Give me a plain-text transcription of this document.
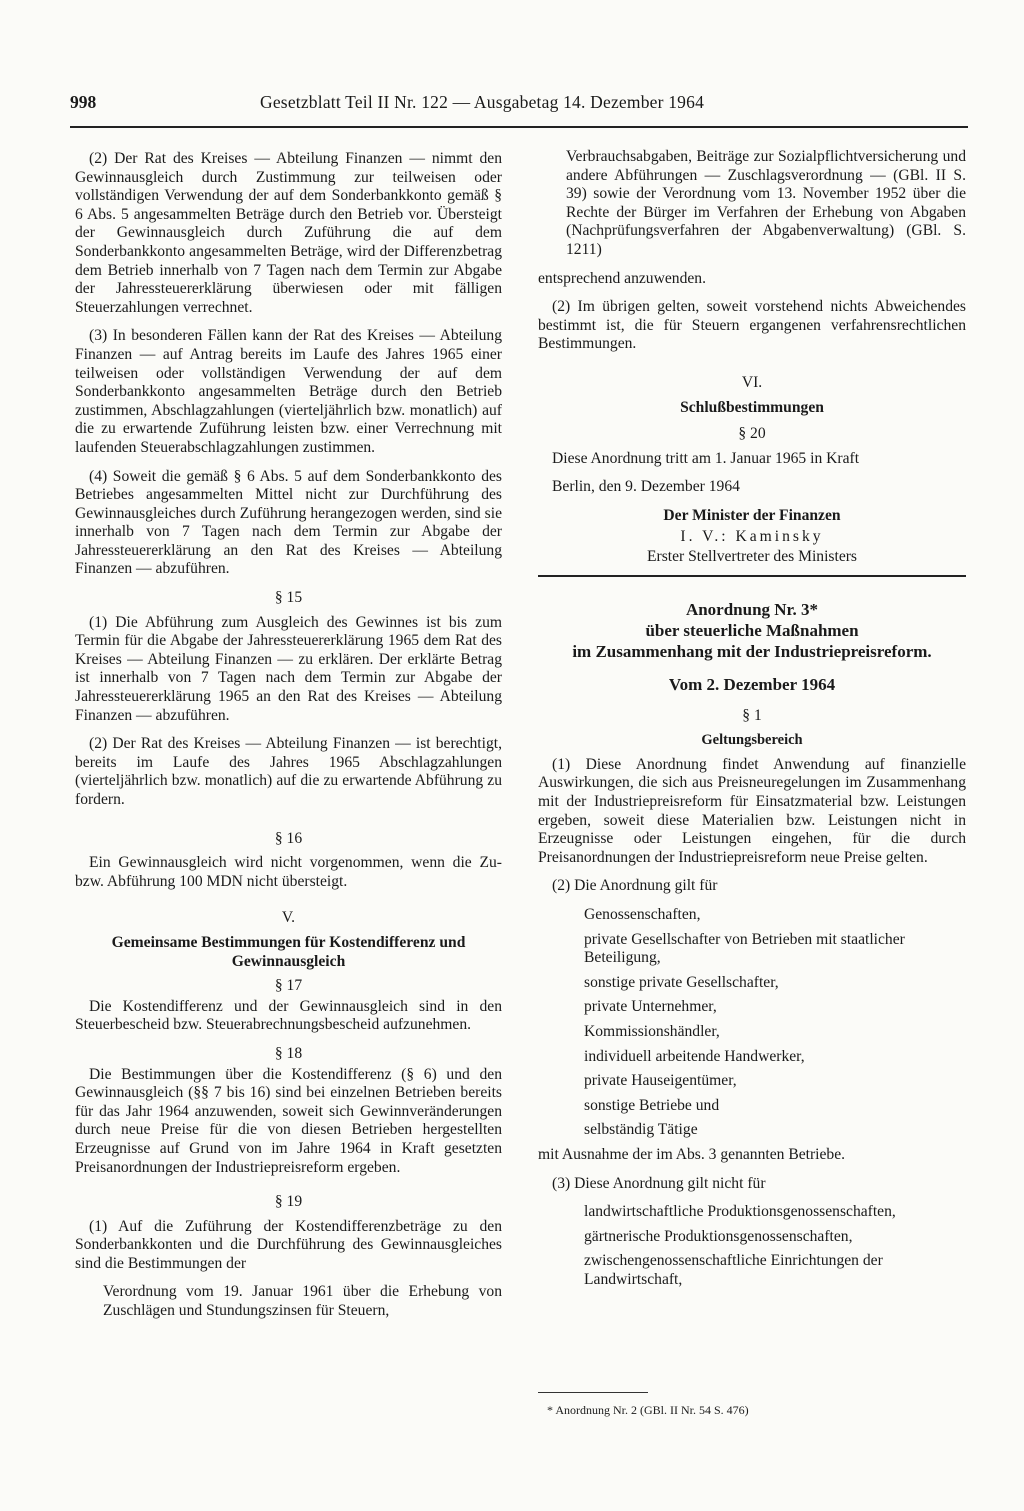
998	Gesetzblatt Teil II Nr. 122 — Ausgabetag 14. Dezember 1964

(2) Der Rat des Kreises — Abteilung Finanzen — nimmt den Gewinnausgleich durch Zustimmung zur teilweisen oder vollständigen Verwendung der auf dem Sonderbankkonto gemäß § 6 Abs. 5 angesammelten Beträge durch den Betrieb vor. Übersteigt der Gewinnausgleich durch Zuführung die auf dem Sonderbankkonto angesammelten Beträge, wird der Differenzbetrag dem Betrieb innerhalb von 7 Tagen nach dem Termin zur Abgabe der Jahressteuererklärung überwiesen oder mit fälligen Steuerzahlungen verrechnet.

(3) In besonderen Fällen kann der Rat des Kreises — Abteilung Finanzen — auf Antrag bereits im Laufe des Jahres 1965 einer teilweisen oder vollständigen Verwendung der auf dem Sonderbankkonto angesammelten Beträge durch den Betrieb zustimmen, Abschlagzahlungen (vierteljährlich bzw. monatlich) auf die zu erwartende Zuführung leisten bzw. einer Verrechnung mit laufenden Steuerabschlagzahlungen zustimmen.

(4) Soweit die gemäß § 6 Abs. 5 auf dem Sonderbankkonto des Betriebes angesammelten Mittel nicht zur Durchführung des Gewinnausgleiches durch Zuführung herangezogen werden, sind sie innerhalb von 7 Tagen nach dem Termin zur Abgabe der Jahressteuererklärung an den Rat des Kreises — Abteilung Finanzen — abzuführen.

§ 15

(1) Die Abführung zum Ausgleich des Gewinnes ist bis zum Termin für die Abgabe der Jahressteuererklärung 1965 dem Rat des Kreises — Abteilung Finanzen — zu erklären. Der erklärte Betrag ist innerhalb von 7 Tagen nach dem Termin zur Abgabe der Jahressteuererklärung 1965 an den Rat des Kreises — Abteilung Finanzen — abzuführen.

(2) Der Rat des Kreises — Abteilung Finanzen — ist berechtigt, bereits im Laufe des Jahres 1965 Abschlagzahlungen (vierteljährlich bzw. monatlich) auf die zu erwartende Abführung zu fordern.

§ 16

Ein Gewinnausgleich wird nicht vorgenommen, wenn die Zu- bzw. Abführung 100 MDN nicht übersteigt.

V.

Gemeinsame Bestimmungen für Kostendifferenz und Gewinnausgleich

§ 17

Die Kostendifferenz und der Gewinnausgleich sind in den Steuerbescheid bzw. Steuerabrechnungsbescheid aufzunehmen.

§ 18

Die Bestimmungen über die Kostendifferenz (§ 6) und den Gewinnausgleich (§§ 7 bis 16) sind bei einzelnen Betrieben bereits für das Jahr 1964 anzuwenden, soweit sich Gewinnveränderungen durch neue Preise für die von diesen Betrieben hergestellten Erzeugnisse auf Grund von im Jahre 1964 in Kraft gesetzten Preisanordnungen der Industriepreisreform ergeben.

§ 19

(1) Auf die Zuführung der Kostendifferenzbeträge zu den Sonderbankkonten und die Durchführung des Gewinnausgleiches sind die Bestimmungen der

Verordnung vom 19. Januar 1961 über die Erhebung von Zuschlägen und Stundungszinsen für Steuern,

Verbrauchsabgaben, Beiträge zur Sozialpflichtversicherung und andere Abführungen — Zuschlagsverordnung — (GBl. II S. 39) sowie der Verordnung vom 13. November 1952 über die Rechte der Bürger im Verfahren der Erhebung von Abgaben (Nachprüfungsverfahren der Abgabenverwaltung) (GBl. S. 1211)

entsprechend anzuwenden.

(2) Im übrigen gelten, soweit vorstehend nichts Abweichendes bestimmt ist, die für Steuern ergangenen verfahrensrechtlichen Bestimmungen.

VI.

Schlußbestimmungen

§ 20

Diese Anordnung tritt am 1. Januar 1965 in Kraft

Berlin, den 9. Dezember 1964

Der Minister der Finanzen

I. V.: Kaminsky

Erster Stellvertreter des Ministers

Anordnung Nr. 3*
über steuerliche Maßnahmen
im Zusammenhang mit der Industriepreisreform.
Vom 2. Dezember 1964

§ 1

Geltungsbereich

(1) Diese Anordnung findet Anwendung auf finanzielle Auswirkungen, die sich aus Preisneuregelungen im Zusammenhang mit der Industriepreisreform für Einsatzmaterial bzw. Leistungen ergeben, soweit diese Materialien bzw. Leistungen nicht in Erzeugnisse oder Leistungen eingehen, für die durch Preisanordnungen der Industriepreisreform neue Preise gelten.

(2) Die Anordnung gilt für

Genossenschaften,
private Gesellschafter von Betrieben mit staatlicher Beteiligung,
sonstige private Gesellschafter,
private Unternehmer,
Kommissionshändler,
individuell arbeitende Handwerker,
private Hauseigentümer,
sonstige Betriebe und
selbständig Tätige

mit Ausnahme der im Abs. 3 genannten Betriebe.

(3) Diese Anordnung gilt nicht für

landwirtschaftliche Produktionsgenossenschaften,
gärtnerische Produktionsgenossenschaften,
zwischengenossenschaftliche Einrichtungen der Landwirtschaft,
* Anordnung Nr. 2 (GBl. II Nr. 54 S. 476)
